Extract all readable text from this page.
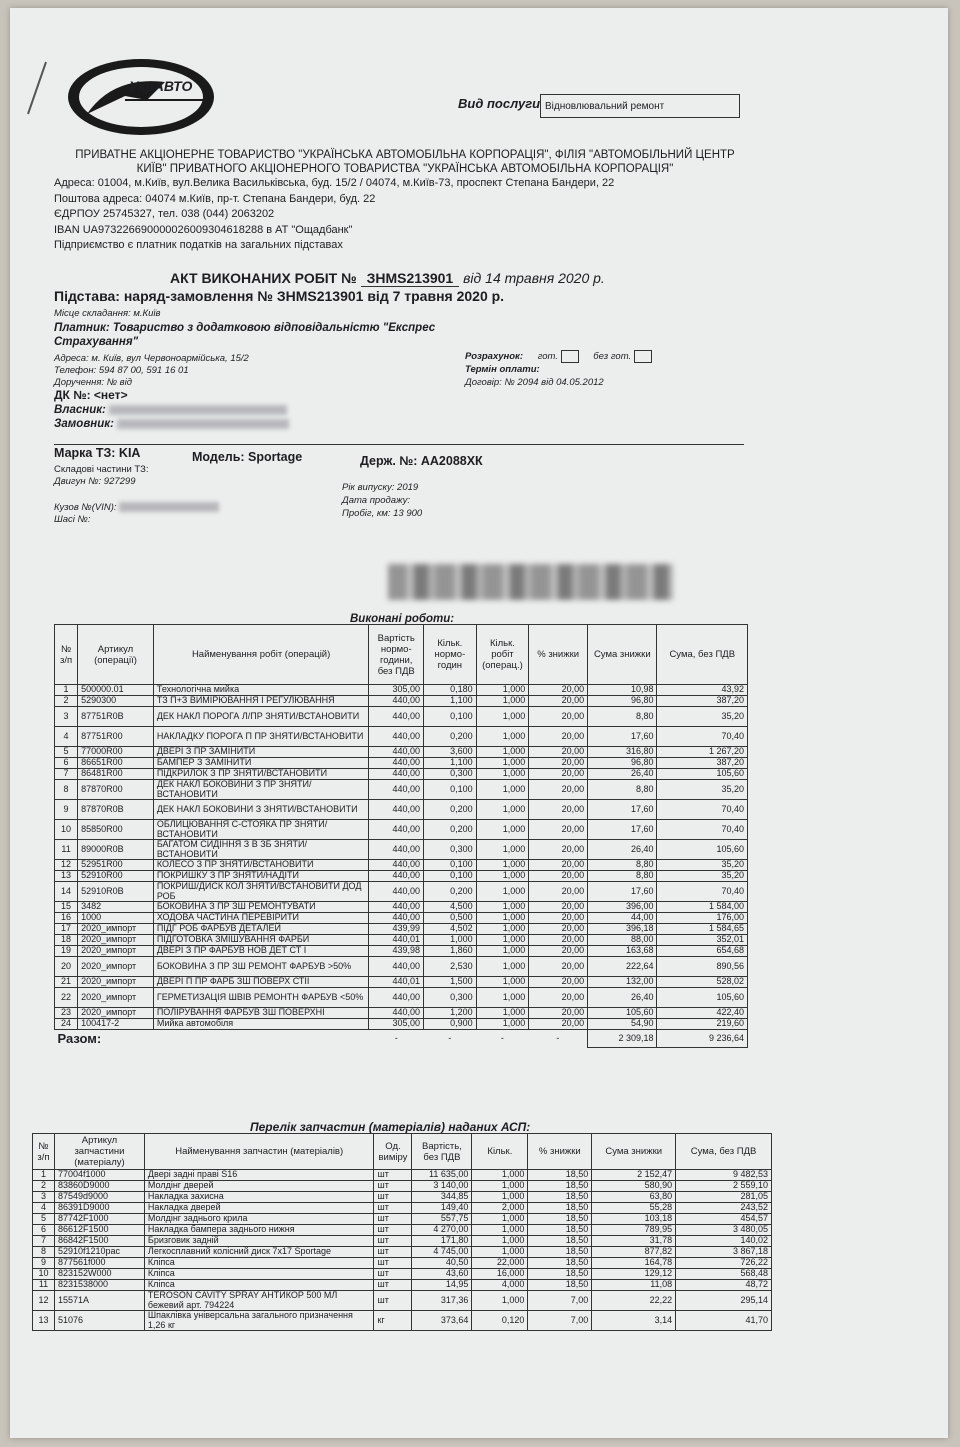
УкрАВТО
Вид послуги Відновлювальний ремонт
ПРИВАТНЕ АКЦІОНЕРНЕ ТОВАРИСТВО "УКРАЇНСЬКА АВТОМОБІЛЬНА КОРПОРАЦІЯ", ФІЛІЯ "АВТОМОБІЛЬНИЙ ЦЕНТР
КИЇВ" ПРИВАТНОГО АКЦІОНЕРНОГО ТОВАРИСТВА "УКРАЇНСЬКА АВТОМОБІЛЬНА КОРПОРАЦІЯ"
Адреса: 01004, м.Київ, вул.Велика Васильківська, буд. 15/2 / 04074, м.Київ-73, проспект Степана Бандери, 22
Поштова адреса: 04074 м.Київ, пр-т. Степана Бандери, буд. 22
ЄДРПОУ 25745327, тел. 038 (044) 2063202
IBAN UA973226690000026009304618288 в АТ "Ощадбанк"
Підприємство є платник податків на загальних підставах
АКТ ВИКОНАНИХ РОБІТ № ЗНМS213901 від 14 травня 2020 р.
Підстава: наряд-замовлення № ЗНМS213901 від 7 травня 2020 р.
Місце складання: м.Київ
Платник: Товариство з додатковою відповідальністю "Експрес
Страхування"
Адреса: м. Київ, вул Червоноармійська, 15/2
Телефон: 594 87 00, 591 16 01
Доручення: № від
ДК №: <нет>
Власник:
Замовник:
Розрахунок: гот.	без гот.
Термін оплати:
Договір: № 2094 від 04.05.2012
Марка ТЗ: KIA	Модель: Sportage	Держ. №: АА2088ХК
Складові частини ТЗ:
Двигун №: 927299
Рік випуску: 2019
Дата продажу:
Пробіг, км: 13 900
Кузов №(VIN):
Шасі №:
Виконані роботи:
№ з/п	Артикул (операції)	Найменування робіт (операцій)	Вартість нормо-години, без ПДВ	Кільк. нормо-годин	Кільк. робіт (операц.)	% знижки	Сума знижки	Сума, без ПДВ
1	500000.01	Технологічна мийка	305,00	0,180	1,000	20,00	10,98	43,92
2	5290300	ТЗ П+З ВИМІРЮВАННЯ І РЕГУЛЮВАННЯ	440,00	1,100	1,000	20,00	96,80	387,20
3	87751R0B	ДЕК НАКЛ ПОРОГА Л/ПР ЗНЯТИ/ВСТАНОВИТИ	440,00	0,100	1,000	20,00	8,80	35,20
4	87751R00	НАКЛАДКУ ПОРОГА П ПР ЗНЯТИ/ВСТАНОВИТИ	440,00	0,200	1,000	20,00	17,60	70,40
5	77000R00	ДВЕРІ З ПР ЗАМІНИТИ	440,00	3,600	1,000	20,00	316,80	1 267,20
6	86651R00	БАМПЕР З ЗАМІНИТИ	440,00	1,100	1,000	20,00	96,80	387,20
7	86481R00	ПІДКРИЛОК З ПР ЗНЯТИ/ВСТАНОВИТИ	440,00	0,300	1,000	20,00	26,40	105,60
8	87870R00	ДЕК НАКЛ БОКОВИНИ З ПР ЗНЯТИ/ВСТАНОВИТИ	440,00	0,100	1,000	20,00	8,80	35,20
9	87870R0B	ДЕК НАКЛ БОКОВИНИ З ЗНЯТИ/ВСТАНОВИТИ	440,00	0,200	1,000	20,00	17,60	70,40
10	85850R00	ОБЛИЦЮВАННЯ С-СТОЯКА ПР ЗНЯТИ/ВСТАНОВИТИ	440,00	0,200	1,000	20,00	17,60	70,40
11	89000R0B	БАГАТОМ СИДІННЯ З В ЗБ ЗНЯТИ/ВСТАНОВИТИ	440,00	0,300	1,000	20,00	26,40	105,60
12	52951R00	КОЛЕСО З ПР ЗНЯТИ/ВСТАНОВИТИ	440,00	0,100	1,000	20,00	8,80	35,20
13	52910R00	ПОКРИШКУ З ПР ЗНЯТИ/НАДІТИ	440,00	0,100	1,000	20,00	8,80	35,20
14	52910R0B	ПОКРИШ/ДИСК КОЛ ЗНЯТИ/ВСТАНОВИТИ ДОД РОБ	440,00	0,200	1,000	20,00	17,60	70,40
15	3482	БОКОВИНА З ПР ЗШ РЕМОНТУВАТИ	440,00	4,500	1,000	20,00	396,00	1 584,00
16	1000	ХОДОВА ЧАСТИНА ПЕРЕВІРИТИ	440,00	0,500	1,000	20,00	44,00	176,00
17	2020_импорт	ПІДГ РОБ ФАРБУВ ДЕТАЛЕЙ	439,99	4,502	1,000	20,00	396,18	1 584,65
18	2020_импорт	ПІДГОТОВКА ЗМІШУВАННЯ ФАРБИ	440,01	1,000	1,000	20,00	88,00	352,01
19	2020_импорт	ДВЕРІ З ПР ФАРБУВ НОВ ДЕТ СТ І	439,98	1,860	1,000	20,00	163,68	654,68
20	2020_импорт	БОКОВИНА З ПР ЗШ РЕМОНТ ФАРБУВ >50%	440,00	2,530	1,000	20,00	222,64	890,56
21	2020_импорт	ДВЕРІ П ПР ФАРБ ЗШ ПОВЕРХ СТІІ	440,01	1,500	1,000	20,00	132,00	528,02
22	2020_импорт	ГЕРМЕТИЗАЦІЯ ШВІВ РЕМОНТН ФАРБУВ <50%	440,00	0,300	1,000	20,00	26,40	105,60
23	2020_импорт	ПОЛІРУВАННЯ ФАРБУВ ЗШ ПОВЕРХНІ	440,00	1,200	1,000	20,00	105,60	422,40
24	100417-2	Мийка автомобіля	305,00	0,900	1,000	20,00	54,90	219,60
Разом:			-	-	-	-	2 309,18	9 236,64
Перелік запчастин (матеріалів) наданих АСП:
№ з/п	Артикул запчастини (матеріалу)	Найменування запчастин (матеріалів)	Од. виміру	Вартість, без ПДВ	Кільк.	% знижки	Сума знижки	Сума, без ПДВ
1	77004f1000	Двері задні праві S16	шт	11 635,00	1,000	18,50	2 152,47	9 482,53
2	83860D9000	Молдінг дверей	шт	3 140,00	1,000	18,50	580,90	2 559,10
3	87549d9000	Накладка захисна	шт	344,85	1,000	18,50	63,80	281,05
4	86391D9000	Накладка дверей	шт	149,40	2,000	18,50	55,28	243,52
5	87742F1000	Молдінг заднього крила	шт	557,75	1,000	18,50	103,18	454,57
6	86612F1500	Накладка бампера заднього нижня	шт	4 270,00	1,000	18,50	789,95	3 480,05
7	86842F1500	Бризговик задній	шт	171,80	1,000	18,50	31,78	140,02
8	52910f1210pac	Легкосплавний колісний диск 7x17 Sportage	шт	4 745,00	1,000	18,50	877,82	3 867,18
9	877561f000	Кліпса	шт	40,50	22,000	18,50	164,78	726,22
10	823152W000	Кліпса	шт	43,60	16,000	18,50	129,12	568,48
11	8231538000	Кліпса	шт	14,95	4,000	18,50	11,08	48,72
12	15571A	TEROSON CAVITY SPRAY АНТИКОР 500 МЛ бежевий арт. 794224	шт	317,36	1,000	7,00	22,22	295,14
13	51076	Шпаклівка універсальна загального призначення 1,26 кг	кг	373,64	0,120	7,00	3,14	41,70
